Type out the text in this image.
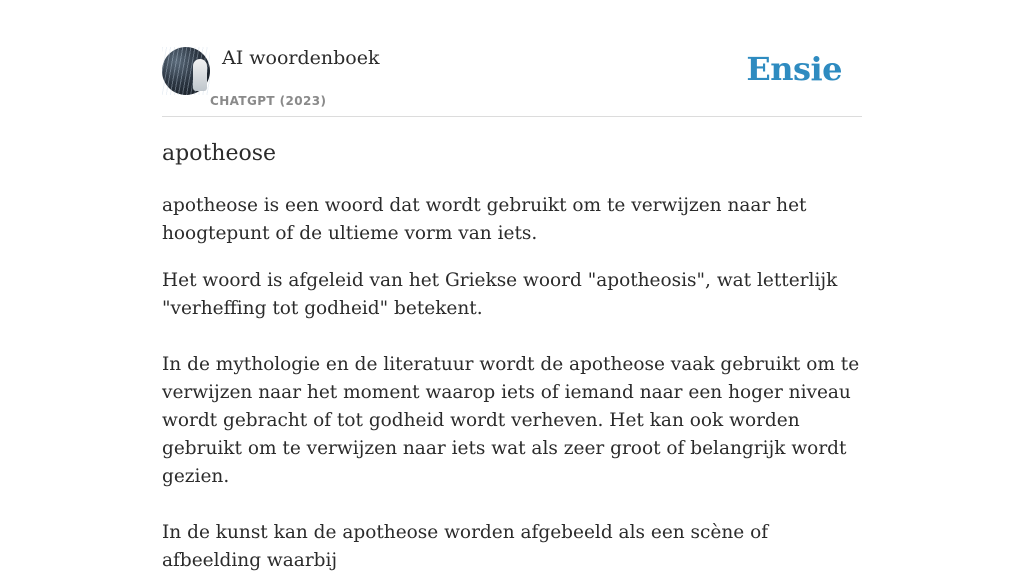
AI woordenboek
CHATGPT (2023)
Ensie
apotheose

apotheose is een woord dat wordt gebruikt om te verwijzen naar het hoogtepunt of de ultieme vorm van iets.

Het woord is afgeleid van het Griekse woord "apotheosis", wat letterlijk "verheffing tot godheid" betekent.

In de mythologie en de literatuur wordt de apotheose vaak gebruikt om te verwijzen naar het moment waarop iets of iemand naar een hoger niveau wordt gebracht of tot godheid wordt verheven. Het kan ook worden gebruikt om te verwijzen naar iets wat als zeer groot of belangrijk wordt gezien.

In de kunst kan de apotheose worden afgebeeld als een scène of afbeelding waarbij
